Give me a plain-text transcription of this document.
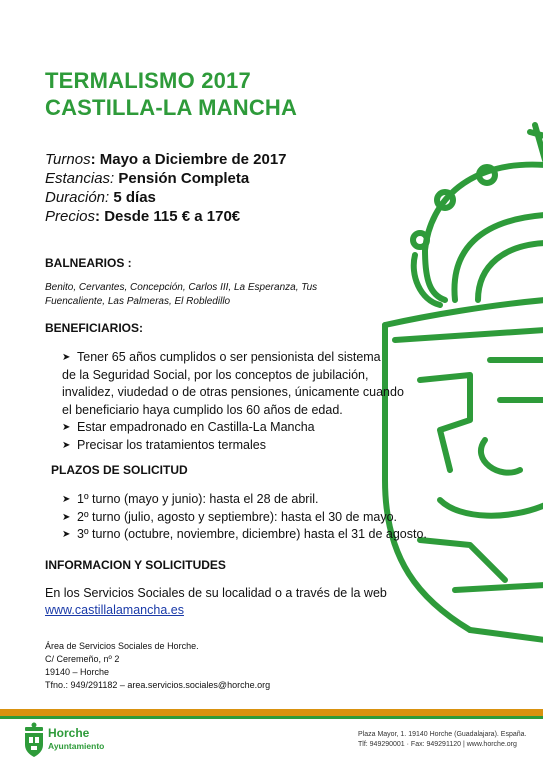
TERMALISMO 2017
CASTILLA-LA MANCHA
Turnos: Mayo a Diciembre de 2017
Estancias: Pensión Completa
Duración: 5 días
Precios: Desde 115 € a 170€
BALNEARIOS :
Benito, Cervantes, Concepción, Carlos III, La Esperanza, Tus
Fuencaliente, Las Palmeras, El Robledillo
BENEFICIARIOS:
➤ Tener 65 años cumplidos o ser pensionista del sistema
de la Seguridad Social, por los conceptos de jubilación,
invalidez, viudedad o de otras pensiones, únicamente cuando
el beneficiario haya cumplido los 60 años de edad.
➤ Estar empadronado en Castilla-La Mancha
➤ Precisar los tratamientos termales
PLAZOS DE SOLICITUD
➤ 1º turno (mayo y junio): hasta el 28 de abril.
➤ 2º turno (julio, agosto y septiembre): hasta el 30 de mayo.
➤ 3º turno (octubre, noviembre, diciembre) hasta el 31 de agosto.
INFORMACION Y SOLICITUDES
En los Servicios Sociales de su localidad o a través de la web
www.castillalamancha.es
Área de Servicios Sociales de Horche.
C/ Ceremeño, nº 2
19140 – Horche
Tfno.: 949/291182 – area.servicios.sociales@horche.org
Horche
Ayuntamiento
Plaza Mayor, 1. 19140 Horche (Guadalajara). España.
Tlf: 949290001 · Fax: 949291120 | www.horche.org
